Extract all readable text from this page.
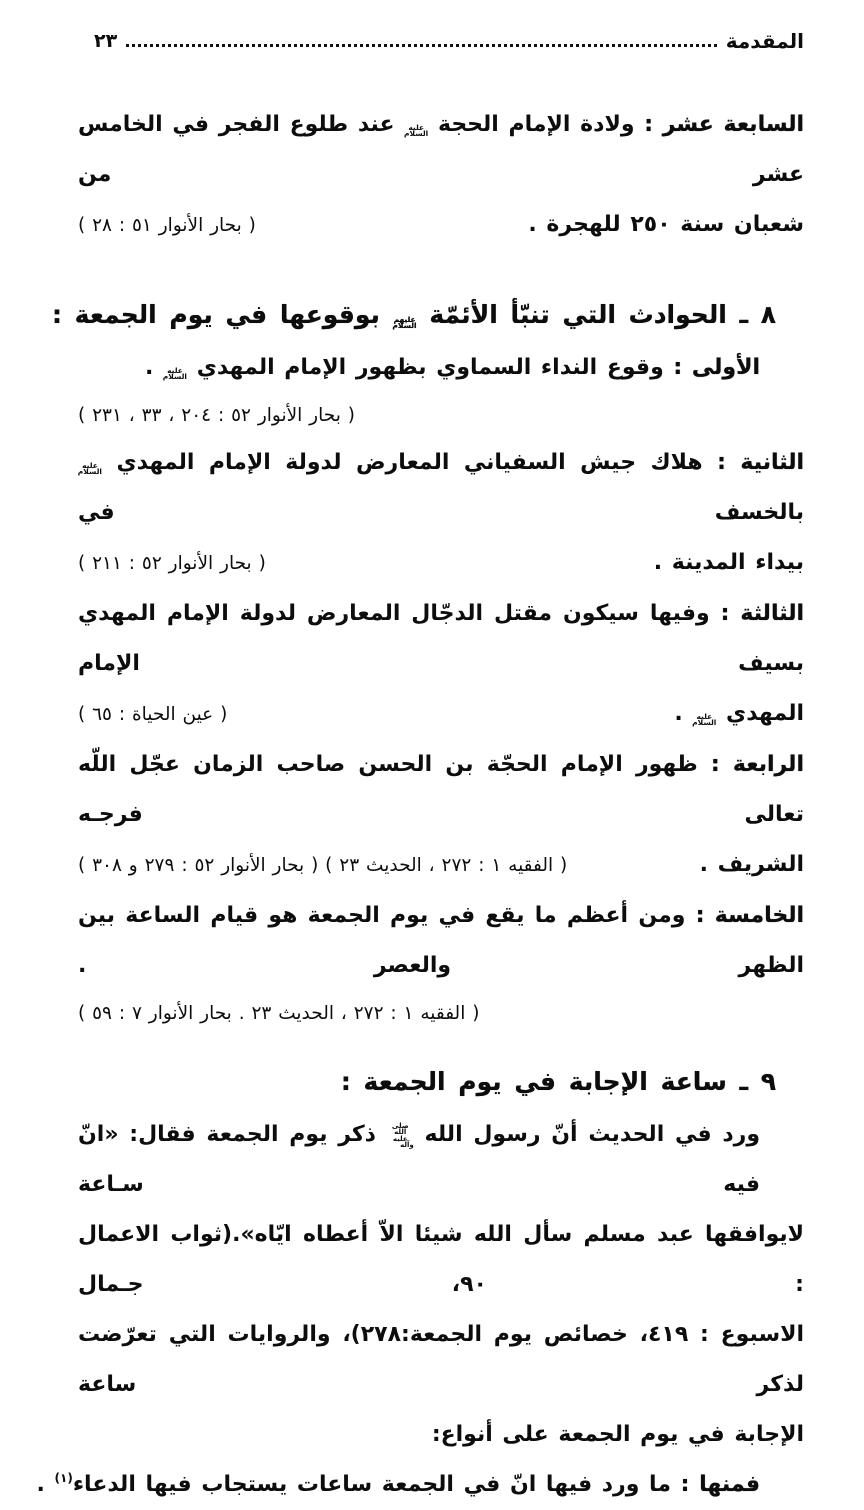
المقدمة
٢٣
السابعة عشر : ولادة الإمام الحجة عليه السلام عند طلوع الفجر في الخامس عشر من
شعبان سنة ٢٥٠ للهجرة .
( بحار الأنوار ٥١ : ٢٨ )
٨ ـ الحوادث التي تنبّأ الأئمّة عليهم السلام بوقوعها في يوم الجمعة :
الأولى : وقوع النداء السماوي بظهور الإمام المهدي عليه السلام .
( بحار الأنوار ٥٢ : ٢٠٤ ، ٣٣ ، ٢٣١ )
الثانية : هلاك جيش السفياني المعارض لدولة الإمام المهدي عليه السلام بالخسف في
بيداء المدينة .
( بحار الأنوار ٥٢ : ٢١١ )
الثالثة : وفيها سيكون مقتل الدجّال المعارض لدولة الإمام المهدي بسيف الإمام
المهدي عليه السلام .
( عين الحياة : ٦٥ )
الرابعة : ظهور الإمام الحجّة بن الحسن صاحب الزمان عجّل اللّه تعالى فرجـه
الشريف .
( الفقيه ١ : ٢٧٢ ، الحديث ٢٣ ) ( بحار الأنوار ٥٢ : ٢٧٩ و ٣٠٨ )
الخامسة : ومن أعظم ما يقع في يوم الجمعة هو قيام الساعة بين الظهر والعصر .
( الفقيه ١ : ٢٧٢ ، الحديث ٢٣ . بحار الأنوار ٧ : ٥٩ )
٩ ـ ساعة الإجابة في يوم الجمعة :
ورد في الحديث أنّ رسول الله صلى الله عليه وآله ذكر يوم الجمعة فقال: «انّ فيه سـاعة
لايوافقها عبد مسلم سأل الله شيئا الاّ أعطاه ايّاه».(ثواب الاعمال : ٩٠، جـمال
الاسبوع : ٤١٩، خصائص يوم الجمعة:٢٧٨)، والروايات التي تعرّضت لذكر ساعة
الإجابة في يوم الجمعة على أنواع:
فمنها : ما ورد فيها انّ في الجمعة ساعات يستجاب فيها الدعاء$^{(١)}$ .
